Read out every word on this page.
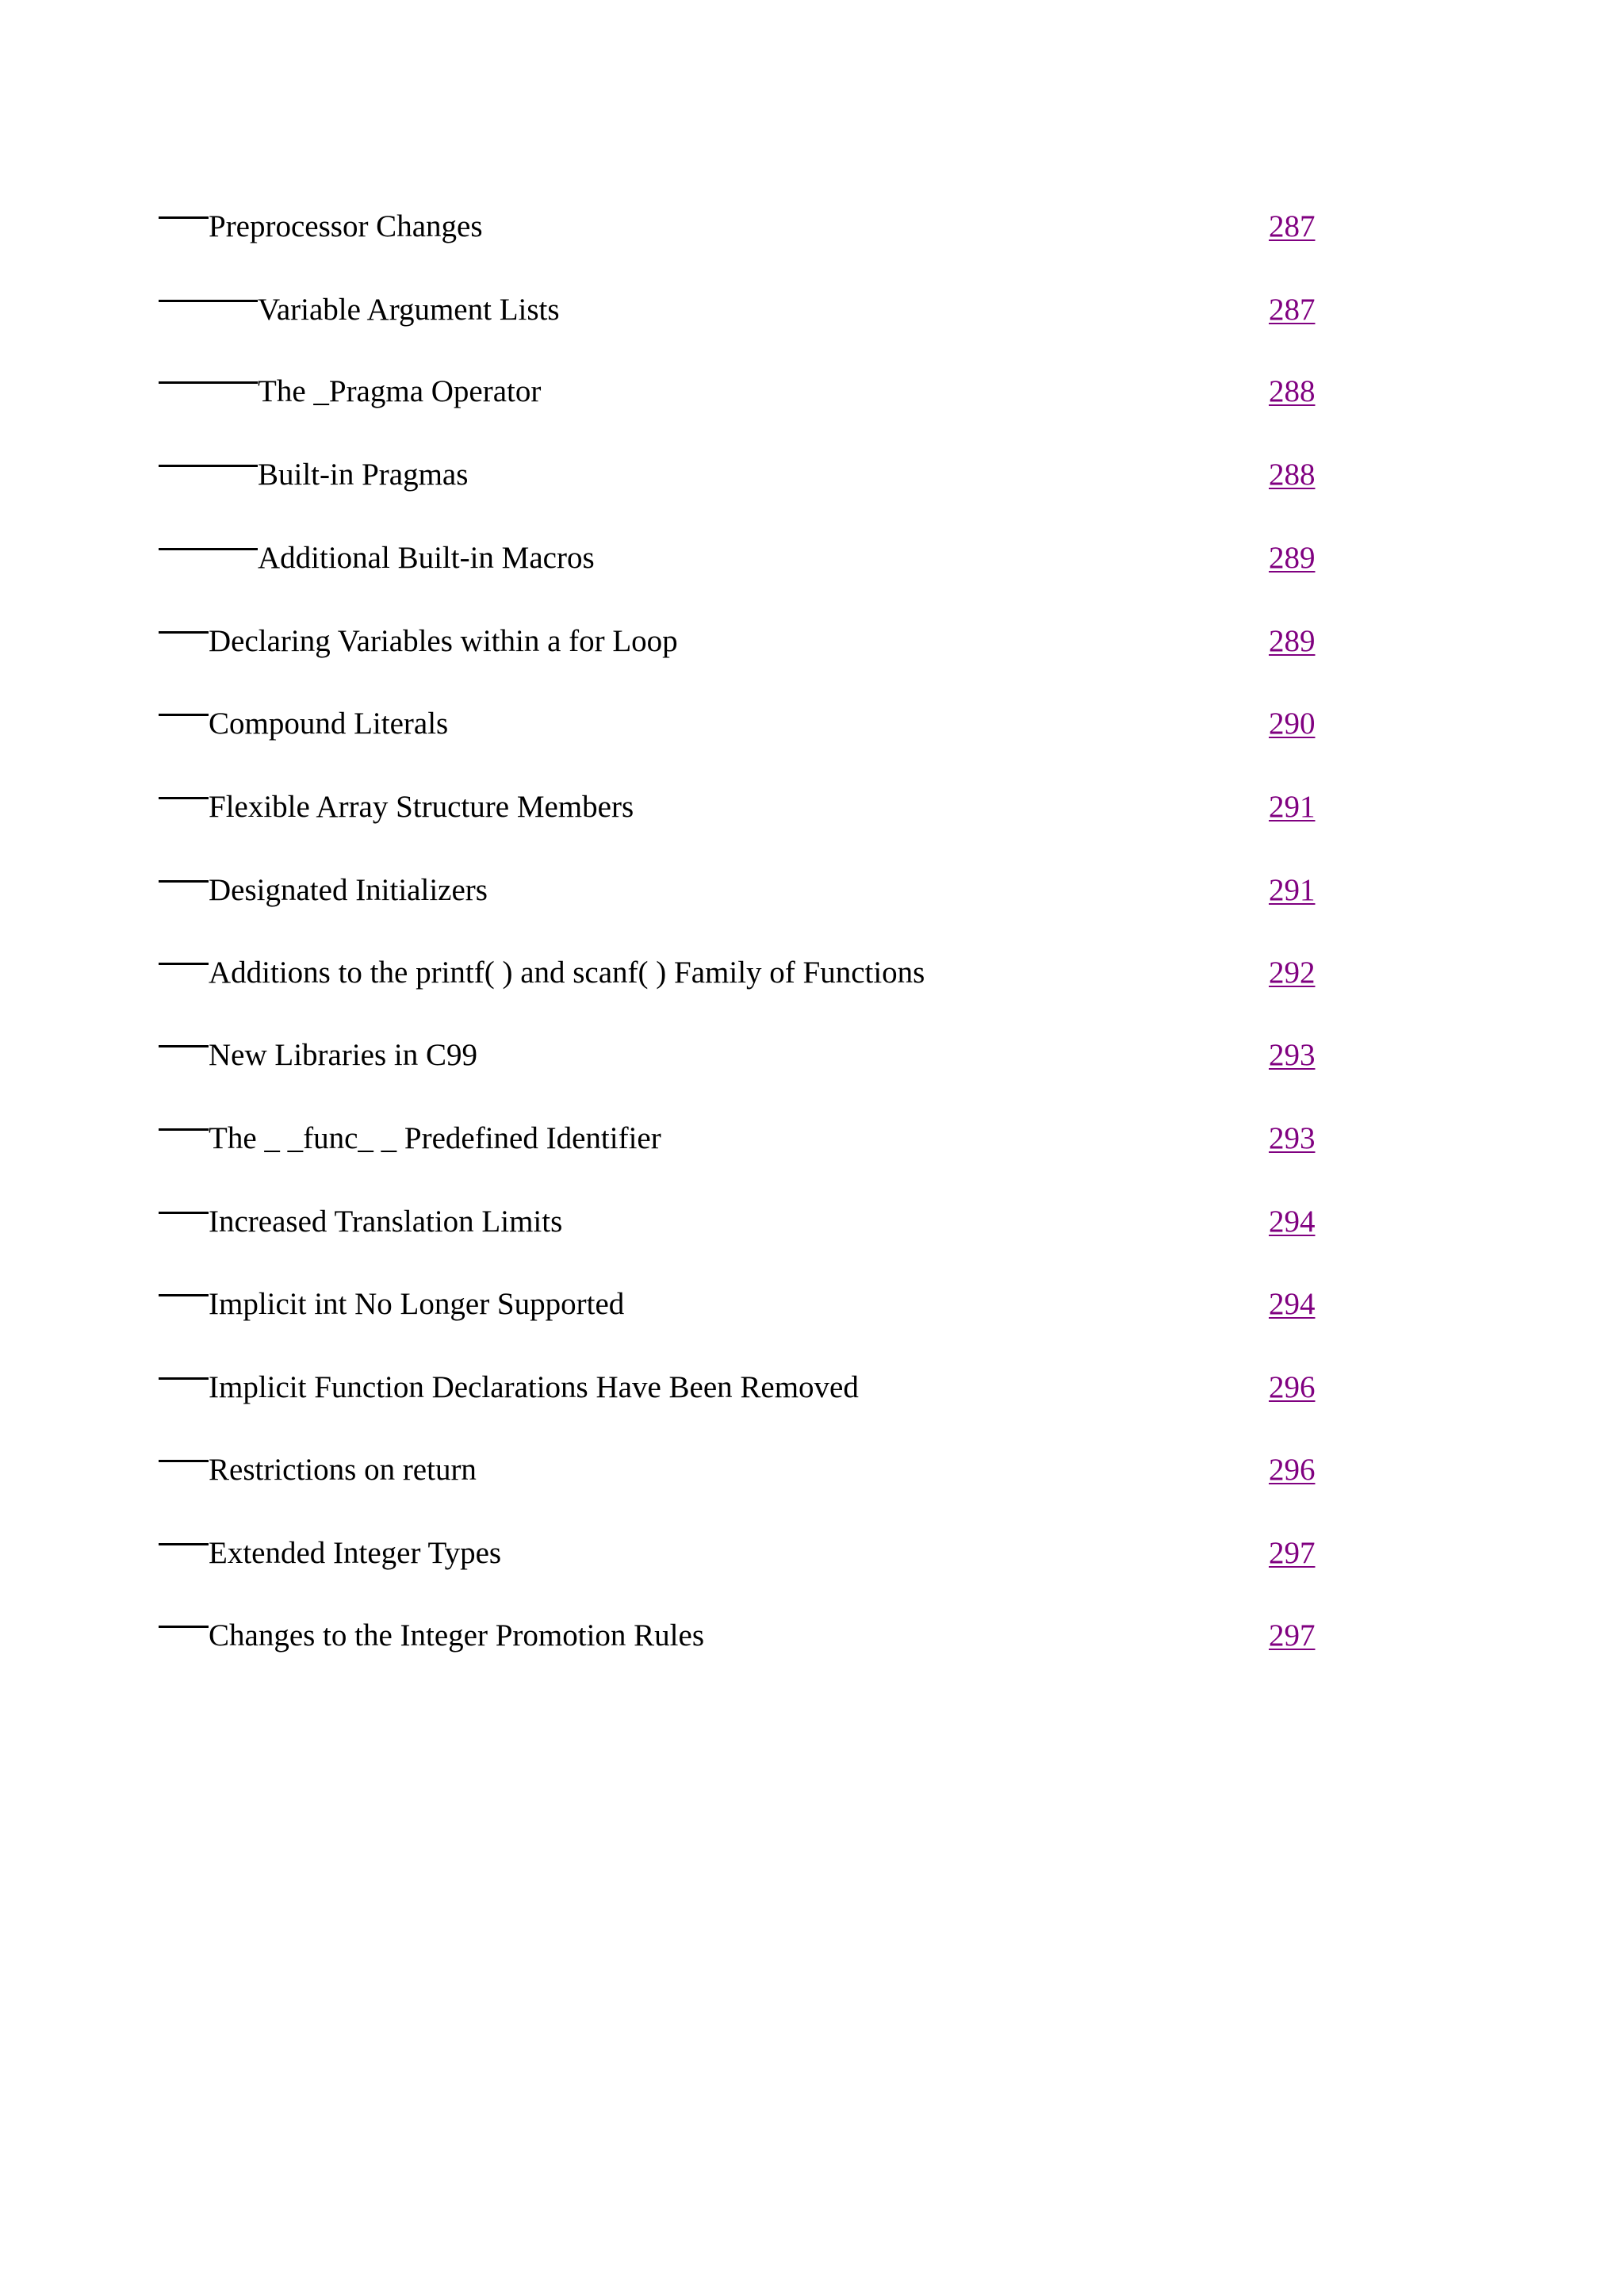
Preprocessor Changes	287
Variable Argument Lists	287
The _Pragma Operator	288
Built-in Pragmas	288
Additional Built-in Macros	289
Declaring Variables within a for Loop	289
Compound Literals	290
Flexible Array Structure Members	291
Designated Initializers	291
Additions to the printf( ) and scanf( ) Family of Functions	292
New Libraries in C99	293
The _ _func_ _ Predefined Identifier	293
Increased Translation Limits	294
Implicit int No Longer Supported	294
Implicit Function Declarations Have Been Removed	296
Restrictions on return	296
Extended Integer Types	297
Changes to the Integer Promotion Rules	297
